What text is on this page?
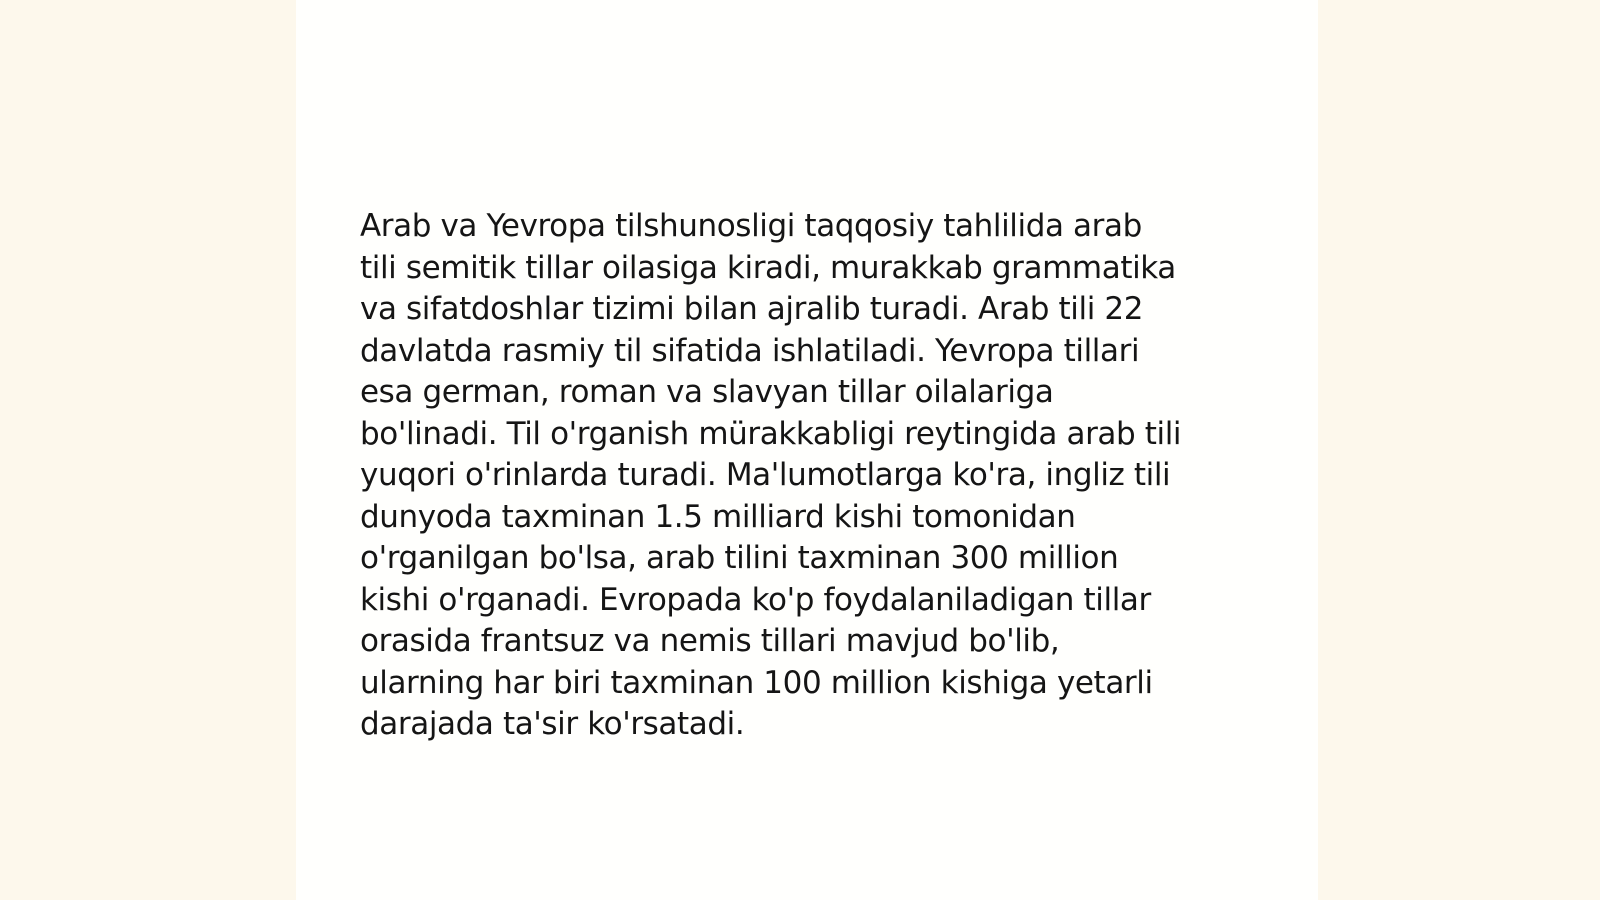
Arab va Yevropa tilshunosligi taqqosiy tahlilida arab
tili semitik tillar oilasiga kiradi, murakkab grammatika
va sifatdoshlar tizimi bilan ajralib turadi. Arab tili 22
davlatda rasmiy til sifatida ishlatiladi. Yevropa tillari
esa german, roman va slavyan tillar oilalariga
bo'linadi. Til o'rganish mürakkabligi reytingida arab tili
yuqori o'rinlarda turadi. Ma'lumotlarga ko'ra, ingliz tili
dunyoda taxminan 1.5 milliard kishi tomonidan
o'rganilgan bo'lsa, arab tilini taxminan 300 million
kishi o'rganadi. Evropada ko'p foydalaniladigan tillar
orasida frantsuz va nemis tillari mavjud bo'lib,
ularning har biri taxminan 100 million kishiga yetarli
darajada ta'sir ko'rsatadi.
